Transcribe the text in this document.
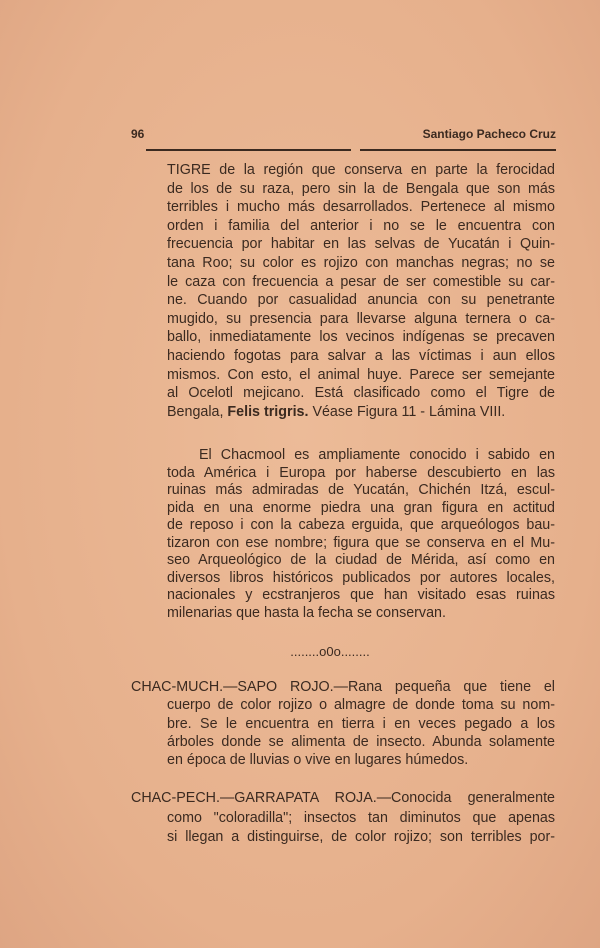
96	Santiago Pacheco Cruz
TIGRE de la región que conserva en parte la ferocidad
de los de su raza, pero sin la de Bengala que son más
terribles i mucho más desarrollados. Pertenece al mismo
orden i familia del anterior i no se le encuentra con
frecuencia por habitar en las selvas de Yucatán i Quin-
tana Roo; su color es rojizo con manchas negras; no se
le caza con frecuencia a pesar de ser comestible su car-
ne. Cuando por casualidad anuncia con su penetrante
mugido, su presencia para llevarse alguna ternera o ca-
ballo, inmediatamente los vecinos indígenas se precaven
haciendo fogotas para salvar a las víctimas i aun ellos
mismos. Con esto, el animal huye. Parece ser semejante
al Ocelotl mejicano. Está clasificado como el Tigre de
Bengala, Felis trigris. Véase Figura 11 - Lámina VIII.
El Chacmool es ampliamente conocido i sabido en
toda América i Europa por haberse descubierto en las
ruinas más admiradas de Yucatán, Chichén Itzá, escul-
pida en una enorme piedra una gran figura en actitud
de reposo i con la cabeza erguida, que arqueólogos bau-
tizaron con ese nombre; figura que se conserva en el Mu-
seo Arqueológico de la ciudad de Mérida, así como en
diversos libros históricos publicados por autores locales,
nacionales y ecstranjeros que han visitado esas ruinas
milenarias que hasta la fecha se conservan.
CHAC-MUCH.—SAPO ROJO.—Rana pequeña que tiene el
cuerpo de color rojizo o almagre de donde toma su nom-
bre. Se le encuentra en tierra i en veces pegado a los
árboles donde se alimenta de insecto. Abunda solamente
en época de lluvias o vive en lugares húmedos.
CHAC-PECH.—GARRAPATA ROJA.—Conocida generalmente
como "coloradilla"; insectos tan diminutos que apenas
si llegan a distinguirse, de color rojizo; son terribles por-
........o0o........
